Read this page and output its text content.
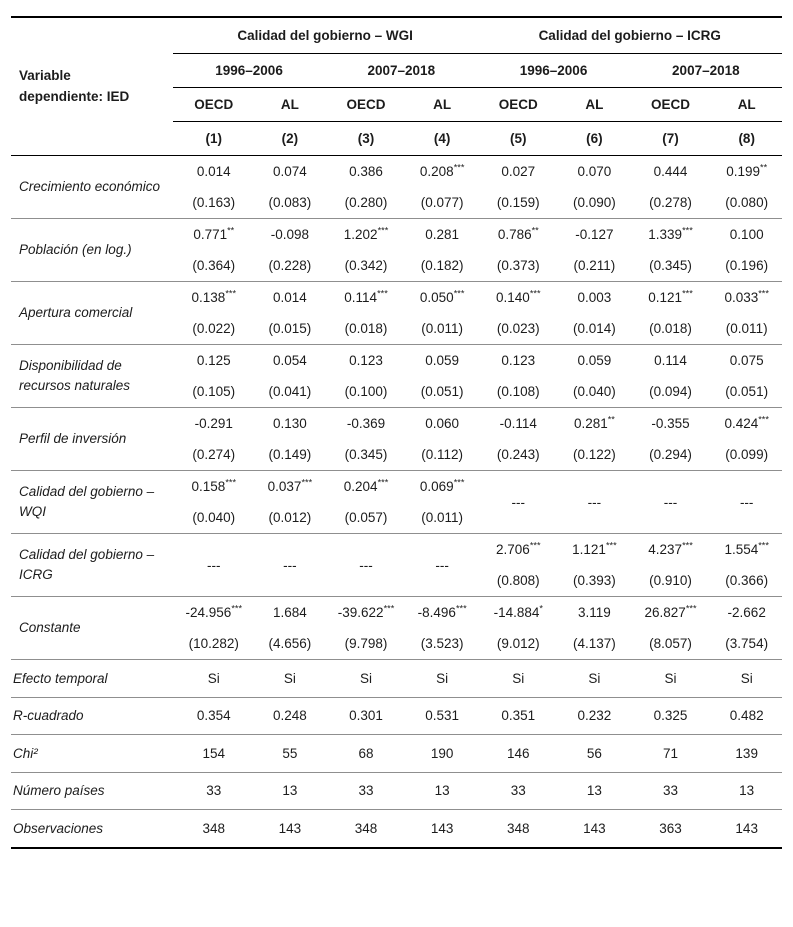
Variable dependiente: IED	Calidad del gobierno – WGI				Calidad del gobierno – ICRG			
	1996–2006		2007–2018		1996–2006		2007–2018	
	OECD	AL	OECD	AL	OECD	AL	OECD	AL
	(1)	(2)	(3)	(4)	(5)	(6)	(7)	(8)
Crecimiento económico	0.014	0.074	0.386	0.208***	0.027	0.070	0.444	0.199**
	(0.163)	(0.083)	(0.280)	(0.077)	(0.159)	(0.090)	(0.278)	(0.080)
Población (en log.)	0.771**	-0.098	1.202***	0.281	0.786**	-0.127	1.339***	0.100
	(0.364)	(0.228)	(0.342)	(0.182)	(0.373)	(0.211)	(0.345)	(0.196)
Apertura comercial	0.138***	0.014	0.114***	0.050***	0.140***	0.003	0.121***	0.033***
	(0.022)	(0.015)	(0.018)	(0.011)	(0.023)	(0.014)	(0.018)	(0.011)
Disponibilidad de recursos naturales	0.125	0.054	0.123	0.059	0.123	0.059	0.114	0.075
	(0.105)	(0.041)	(0.100)	(0.051)	(0.108)	(0.040)	(0.094)	(0.051)
Perfil de inversión	-0.291	0.130	-0.369	0.060	-0.114	0.281**	-0.355	0.424***
	(0.274)	(0.149)	(0.345)	(0.112)	(0.243)	(0.122)	(0.294)	(0.099)
Calidad del gobierno – WQI	0.158***	0.037***	0.204***	0.069***	---	---	---	---
	(0.040)	(0.012)	(0.057)	(0.011)				
Calidad del gobierno – ICRG	---	---	---	---	2.706***	1.121***	4.237***	1.554***
					(0.808)	(0.393)	(0.910)	(0.366)
Constante	-24.956***	1.684	-39.622***	-8.496***	-14.884*	3.119	26.827***	-2.662
	(10.282)	(4.656)	(9.798)	(3.523)	(9.012)	(4.137)	(8.057)	(3.754)
Efecto temporal	Si	Si	Si	Si	Si	Si	Si	Si
R-cuadrado	0.354	0.248	0.301	0.531	0.351	0.232	0.325	0.482
Chi²	154	55	68	190	146	56	71	139
Número países	33	13	33	13	33	13	33	13
Observaciones	348	143	348	143	348	143	363	143
